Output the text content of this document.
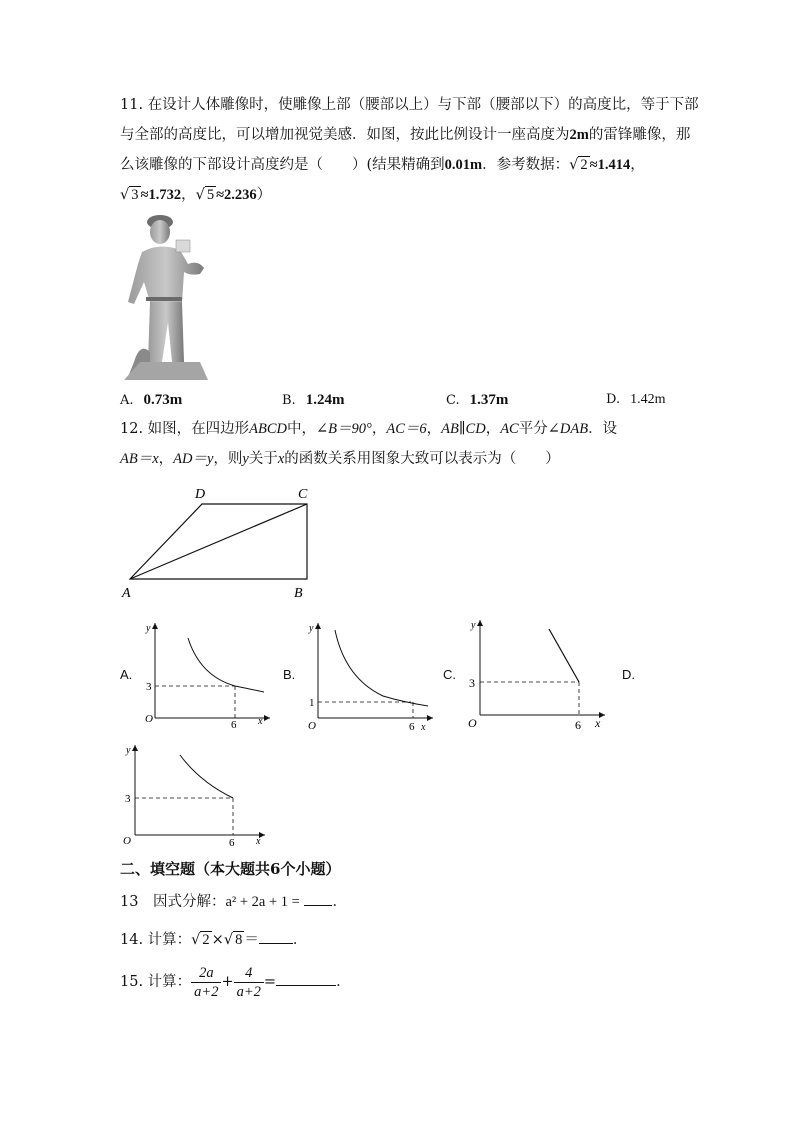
11. 在设计人体雕像时，使雕像上部（腰部以上）与下部（腰部以下）的高度比，等于下部
与全部的高度比，可以增加视觉美感．如图，按此比例设计一座高度为2m的雷锋雕像，那
么该雕像的下部设计高度约是（　　）(结果精确到0.01m．参考数据：√ 2 ≈1.414，
√ 3 ≈1.732，√ 5 ≈2.236）
A. 0.73m	B. 1.24m	C. 1.37m	D. 1.42m
12. 如图，在四边形ABCD中，∠B＝90°，AC＝6，AB∥CD，AC平分∠DAB．设
AB＝x，AD＝y，则y关于x的函数关系用图象大致可以表示为（　　）
A
D	C
B
A.	B.	C.	D.
y
x
O
3
6
y
x
O
1
6
y
x
O
3
6
y
x
O
3
6
二、填空题（本大题共6个小题）
13　因式分解：a² + 2a + 1 = ．
14. 计算：√ 2 ×√ 8 ＝ ．
15. 计算： $\frac{2a}{a+2} + \frac{4}{a+2}$ =	．
